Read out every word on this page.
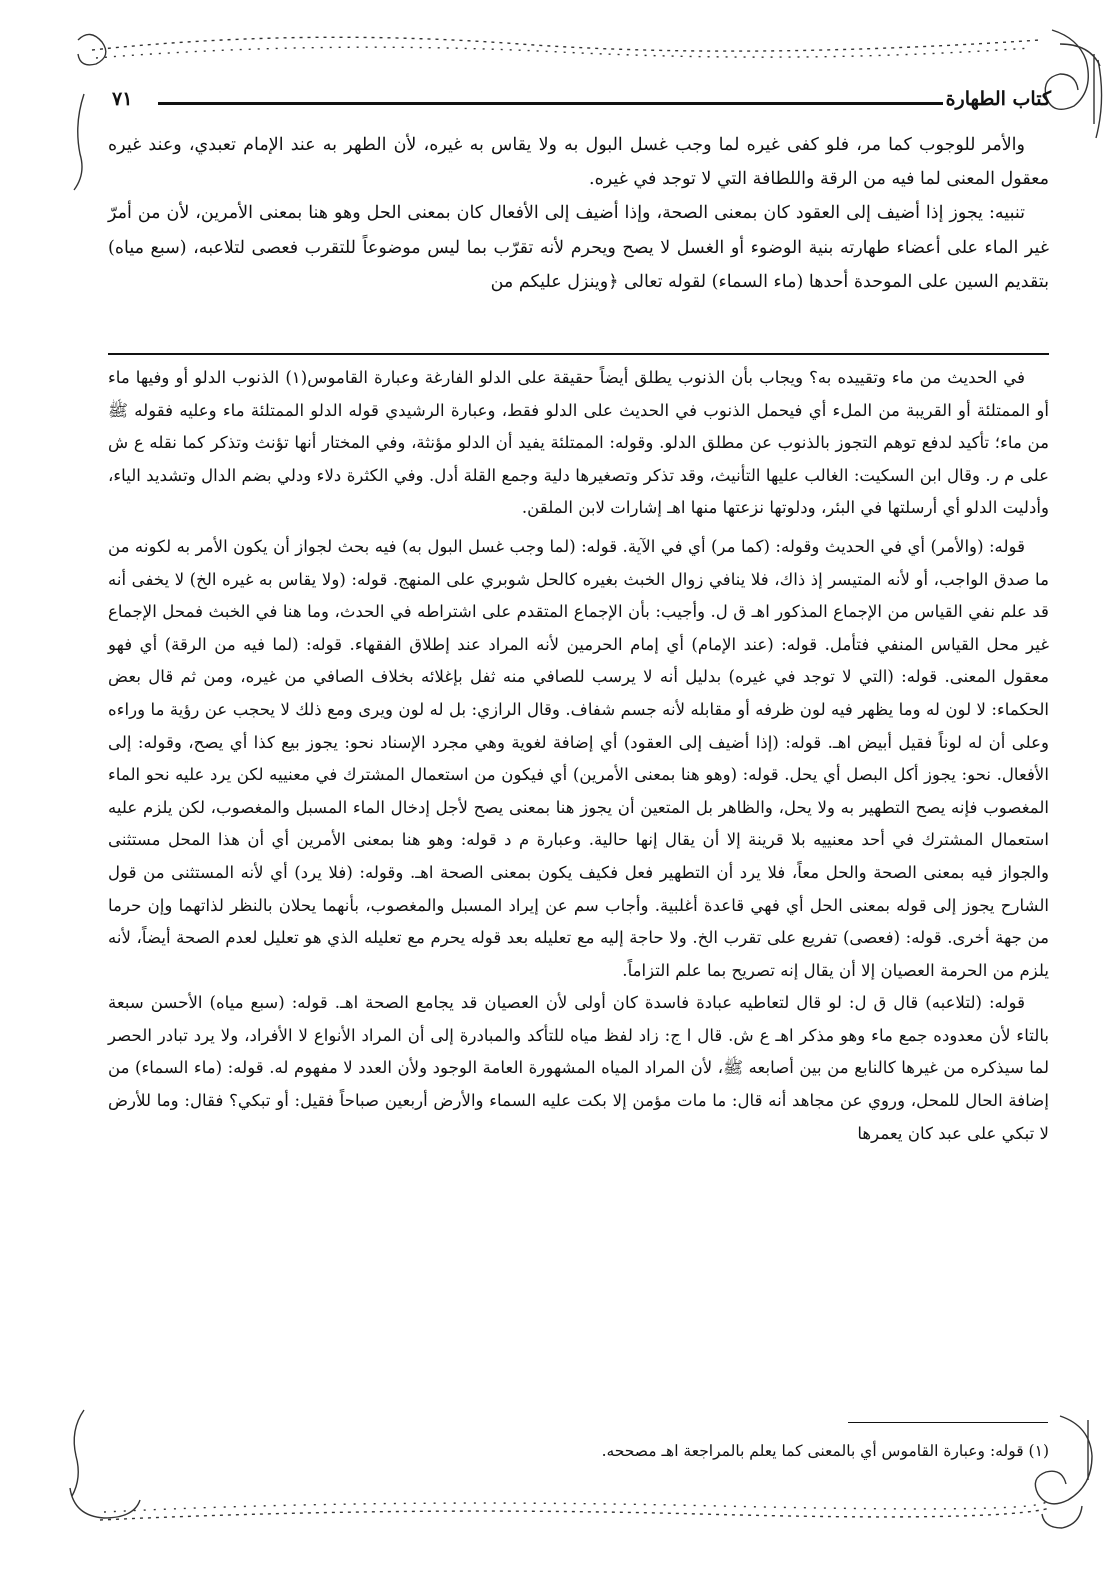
كتاب الطهارة
٧١

والأمر للوجوب كما مر، فلو كفى غيره لما وجب غسل البول به ولا يقاس به غيره، لأن الطهر به عند الإمام تعبدي، وعند غيره معقول المعنى لما فيه من الرقة واللطافة التي لا توجد في غيره.

تنبيه: يجوز إذا أضيف إلى العقود كان بمعنى الصحة، وإذا أضيف إلى الأفعال كان بمعنى الحل وهو هنا بمعنى الأمرين، لأن من أمرّ غير الماء على أعضاء طهارته بنية الوضوء أو الغسل لا يصح ويحرم لأنه تقرّب بما ليس موضوعاً للتقرب فعصى لتلاعبه، (سبع مياه) بتقديم السين على الموحدة أحدها (ماء السماء) لقوله تعالى ﴿وينزل عليكم من

في الحديث من ماء وتقييده به؟ ويجاب بأن الذنوب يطلق أيضاً حقيقة على الدلو الفارغة وعبارة القاموس(١) الذنوب الدلو أو وفيها ماء أو الممتلئة أو القريبة من الملء أي فيحمل الذنوب في الحديث على الدلو فقط، وعبارة الرشيدي قوله الدلو الممتلئة ماء وعليه فقوله ﷺ من ماء؛ تأكيد لدفع توهم التجوز بالذنوب عن مطلق الدلو. وقوله: الممتلئة يفيد أن الدلو مؤنثة، وفي المختار أنها تؤنث وتذكر كما نقله ع ش على م ر. وقال ابن السكيت: الغالب عليها التأنيث، وقد تذكر وتصغيرها دلية وجمع القلة أدل. وفي الكثرة دلاء ودلي بضم الدال وتشديد الياء، وأدليت الدلو أي أرسلتها في البئر، ودلوتها نزعتها منها اهـ إشارات لابن الملقن.

قوله: (والأمر) أي في الحديث وقوله: (كما مر) أي في الآية. قوله: (لما وجب غسل البول به) فيه بحث لجواز أن يكون الأمر به لكونه من ما صدق الواجب، أو لأنه المتيسر إذ ذاك، فلا ينافي زوال الخبث بغيره كالحل شوبري على المنهج. قوله: (ولا يقاس به غيره الخ) لا يخفى أنه قد علم نفي القياس من الإجماع المذكور اهـ ق ل. وأجيب: بأن الإجماع المتقدم على اشتراطه في الحدث، وما هنا في الخبث فمحل الإجماع غير محل القياس المنفي فتأمل. قوله: (عند الإمام) أي إمام الحرمين لأنه المراد عند إطلاق الفقهاء. قوله: (لما فيه من الرقة) أي فهو معقول المعنى. قوله: (التي لا توجد في غيره) بدليل أنه لا يرسب للصافي منه ثفل بإغلائه بخلاف الصافي من غيره، ومن ثم قال بعض الحكماء: لا لون له وما يظهر فيه لون ظرفه أو مقابله لأنه جسم شفاف. وقال الرازي: بل له لون ويرى ومع ذلك لا يحجب عن رؤية ما وراءه وعلى أن له لوناً فقيل أبيض اهـ. قوله: (إذا أضيف إلى العقود) أي إضافة لغوية وهي مجرد الإسناد نحو: يجوز بيع كذا أي يصح، وقوله: إلى الأفعال. نحو: يجوز أكل البصل أي يحل. قوله: (وهو هنا بمعنى الأمرين) أي فيكون من استعمال المشترك في معنييه لكن يرد عليه نحو الماء المغصوب فإنه يصح التطهير به ولا يحل، والظاهر بل المتعين أن يجوز هنا بمعنى يصح لأجل إدخال الماء المسبل والمغصوب، لكن يلزم عليه استعمال المشترك في أحد معنييه بلا قرينة إلا أن يقال إنها حالية. وعبارة م د قوله: وهو هنا بمعنى الأمرين أي أن هذا المحل مستثنى والجواز فيه بمعنى الصحة والحل معاً، فلا يرد أن التطهير فعل فكيف يكون بمعنى الصحة اهـ. وقوله: (فلا يرد) أي لأنه المستثنى من قول الشارح يجوز إلى قوله بمعنى الحل أي فهي قاعدة أغلبية. وأجاب سم عن إيراد المسبل والمغصوب، بأنهما يحلان بالنظر لذاتهما وإن حرما من جهة أخرى. قوله: (فعصى) تفريع على تقرب الخ. ولا حاجة إليه مع تعليله بعد قوله يحرم مع تعليله الذي هو تعليل لعدم الصحة أيضاً، لأنه يلزم من الحرمة العصيان إلا أن يقال إنه تصريح بما علم التزاماً.

قوله: (لتلاعبه) قال ق ل: لو قال لتعاطيه عبادة فاسدة كان أولى لأن العصيان قد يجامع الصحة اهـ. قوله: (سبع مياه) الأحسن سبعة بالتاء لأن معدوده جمع ماء وهو مذكر اهـ ع ش. قال ا ج: زاد لفظ مياه للتأكد والمبادرة إلى أن المراد الأنواع لا الأفراد، ولا يرد تبادر الحصر لما سيذكره من غيرها كالنابع من بين أصابعه ﷺ، لأن المراد المياه المشهورة العامة الوجود ولأن العدد لا مفهوم له. قوله: (ماء السماء) من إضافة الحال للمحل، وروي عن مجاهد أنه قال: ما مات مؤمن إلا بكت عليه السماء والأرض أربعين صباحاً فقيل: أو تبكي؟ فقال: وما للأرض لا تبكي على عبد كان يعمرها

(١) قوله: وعبارة القاموس أي بالمعنى كما يعلم بالمراجعة اهـ مصححه.
